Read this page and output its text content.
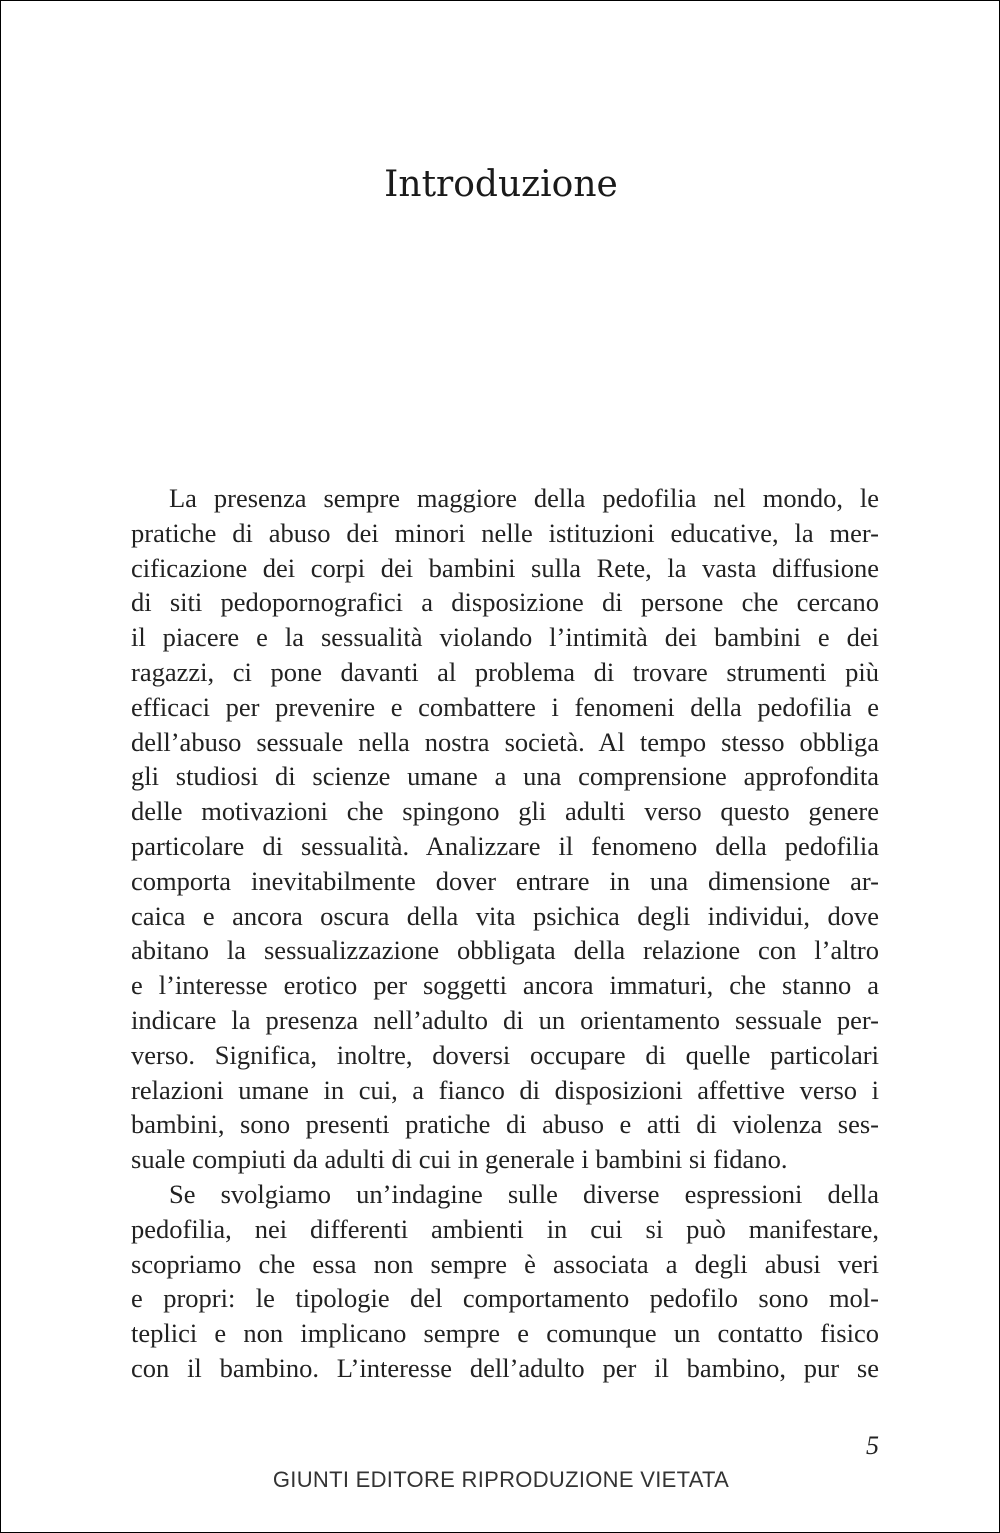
Introduzione
La presenza sempre maggiore della pedofilia nel mondo, le
pratiche di abuso dei minori nelle istituzioni educative, la mer-
cificazione dei corpi dei bambini sulla Rete, la vasta diffusione
di siti pedopornografici a disposizione di persone che cercano
il piacere e la sessualità violando l’intimità dei bambini e dei
ragazzi, ci pone davanti al problema di trovare strumenti più
efficaci per prevenire e combattere i fenomeni della pedofilia e
dell’abuso sessuale nella nostra società. Al tempo stesso obbliga
gli studiosi di scienze umane a una comprensione approfondita
delle motivazioni che spingono gli adulti verso questo genere
particolare di sessualità. Analizzare il fenomeno della pedofilia
comporta inevitabilmente dover entrare in una dimensione ar-
caica e ancora oscura della vita psichica degli individui, dove
abitano la sessualizzazione obbligata della relazione con l’altro
e l’interesse erotico per soggetti ancora immaturi, che stanno a
indicare la presenza nell’adulto di un orientamento sessuale per-
verso. Significa, inoltre, doversi occupare di quelle particolari
relazioni umane in cui, a fianco di disposizioni affettive verso i
bambini, sono presenti pratiche di abuso e atti di violenza ses-
suale compiuti da adulti di cui in generale i bambini si fidano.
Se svolgiamo un’indagine sulle diverse espressioni della
pedofilia, nei differenti ambienti in cui si può manifestare,
scopriamo che essa non sempre è associata a degli abusi veri
e propri: le tipologie del comportamento pedofilo sono mol-
teplici e non implicano sempre e comunque un contatto fisico
con il bambino. L’interesse dell’adulto per il bambino, pur se
5
GIUNTI EDITORE RIPRODUZIONE VIETATA
